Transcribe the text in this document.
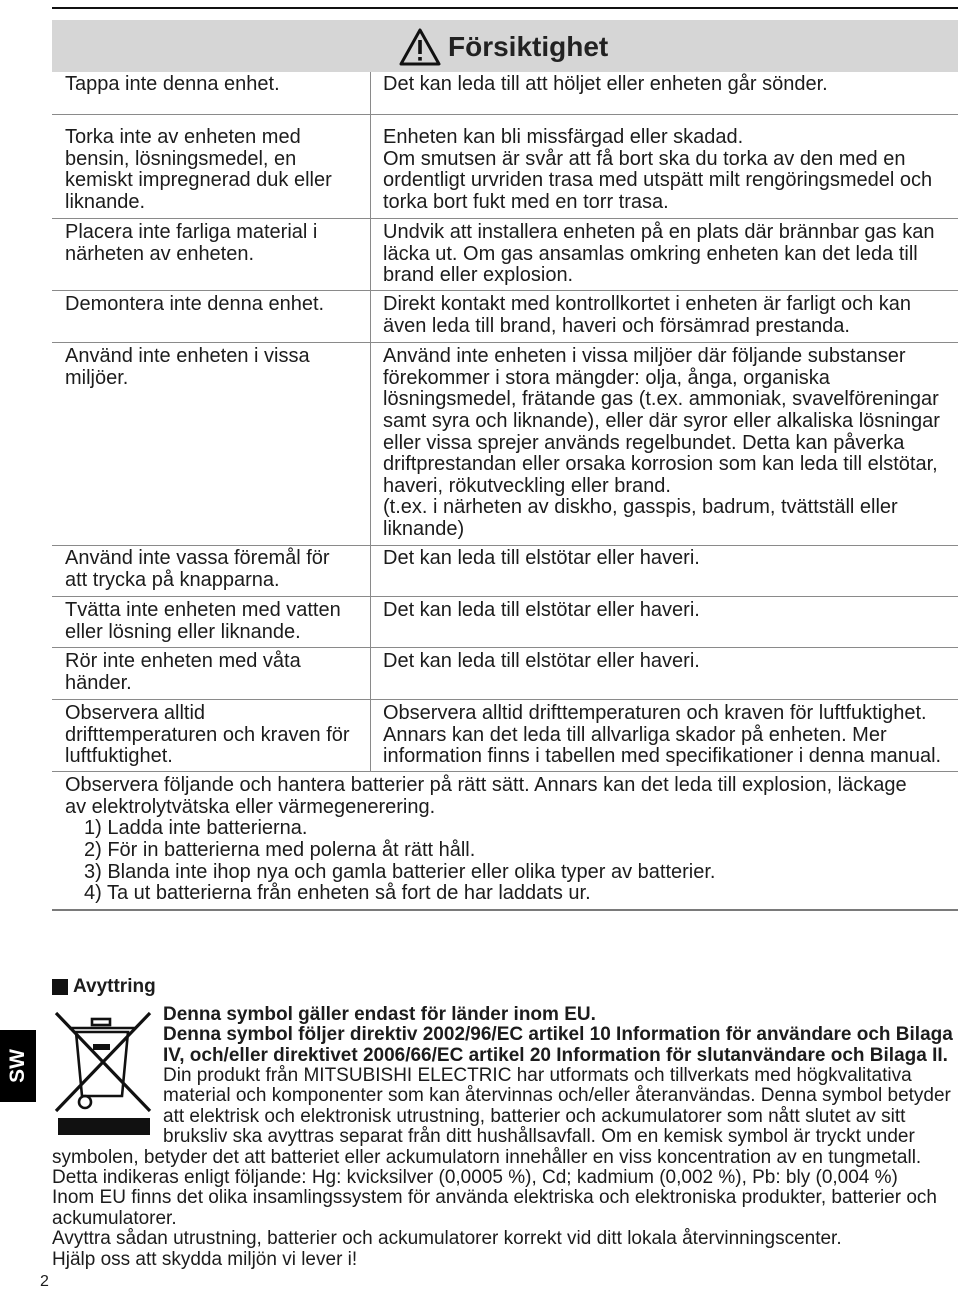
Försiktighet
Tappa inte denna enhet.	Det kan leda till att höljet eller enheten går sönder.
Torka inte av enheten med
bensin, lösningsmedel, en
kemiskt impregnerad duk eller
liknande.
Enheten kan bli missfärgad eller skadad.
Om smutsen är svår att få bort ska du torka av den med en
ordentligt urvriden trasa med utspätt milt rengöringsmedel och
torka bort fukt med en torr trasa.
Placera inte farliga material i
närheten av enheten.
Undvik att installera enheten på en plats där brännbar gas kan
läcka ut. Om gas ansamlas omkring enheten kan det leda till
brand eller explosion.
Demontera inte denna enhet.	Direkt kontakt med kontrollkortet i enheten är farligt och kan
även leda till brand, haveri och försämrad prestanda.
Använd inte enheten i vissa
miljöer.
Använd inte enheten i vissa miljöer där följande substanser
förekommer i stora mängder: olja, ånga, organiska
lösningsmedel, frätande gas (t.ex. ammoniak, svavelföreningar
samt syra och liknande), eller där syror eller alkaliska lösningar
eller vissa sprejer används regelbundet. Detta kan påverka
driftprestandan eller orsaka korrosion som kan leda till elstötar,
haveri, rökutveckling eller brand.
(t.ex. i närheten av diskho, gasspis, badrum, tvättställ eller
liknande)
Använd inte vassa föremål för
att trycka på knapparna.
Det kan leda till elstötar eller haveri.
Tvätta inte enheten med vatten
eller lösning eller liknande.
Det kan leda till elstötar eller haveri.
Rör inte enheten med våta
händer.
Det kan leda till elstötar eller haveri.
Observera alltid
drifttemperaturen och kraven för
luftfuktighet.
Observera alltid drifttemperaturen och kraven för luftfuktighet.
Annars kan det leda till allvarliga skador på enheten. Mer
information finns i tabellen med specifikationer i denna manual.
Observera följande och hantera batterier på rätt sätt. Annars kan det leda till explosion, läckage
av elektrolytvätska eller värmegenerering.
1) Ladda inte batterierna.
2) För in batterierna med polerna åt rätt håll.
3) Blanda inte ihop nya och gamla batterier eller olika typer av batterier.
4) Ta ut batterierna från enheten så fort de har laddats ur.
SW
Avyttring
Denna symbol gäller endast för länder inom EU.
Denna symbol följer direktiv 2002/96/EC artikel 10 Information för användare och Bilaga
IV, och/eller direktivet 2006/66/EC artikel 20 Information för slutanvändare och Bilaga II.
Din produkt från MITSUBISHI ELECTRIC har utformats och tillverkats med högkvalitativa
material och komponenter som kan återvinnas och/eller återanvändas. Denna symbol betyder
att elektrisk och elektronisk utrustning, batterier och ackumulatorer som nått slutet av sitt
bruksliv ska avyttras separat från ditt hushållsavfall. Om en kemisk symbol är tryckt under
symbolen, betyder det att batteriet eller ackumulatorn innehåller en viss koncentration av en tungmetall.
Detta indikeras enligt följande: Hg: kvicksilver (0,0005 %), Cd; kadmium (0,002 %), Pb: bly (0,004 %)
Inom EU finns det olika insamlingssystem för använda elektriska och elektroniska produkter, batterier och
ackumulatorer.
Avyttra sådan utrustning, batterier och ackumulatorer korrekt vid ditt lokala återvinningscenter.
Hjälp oss att skydda miljön vi lever i!
2
